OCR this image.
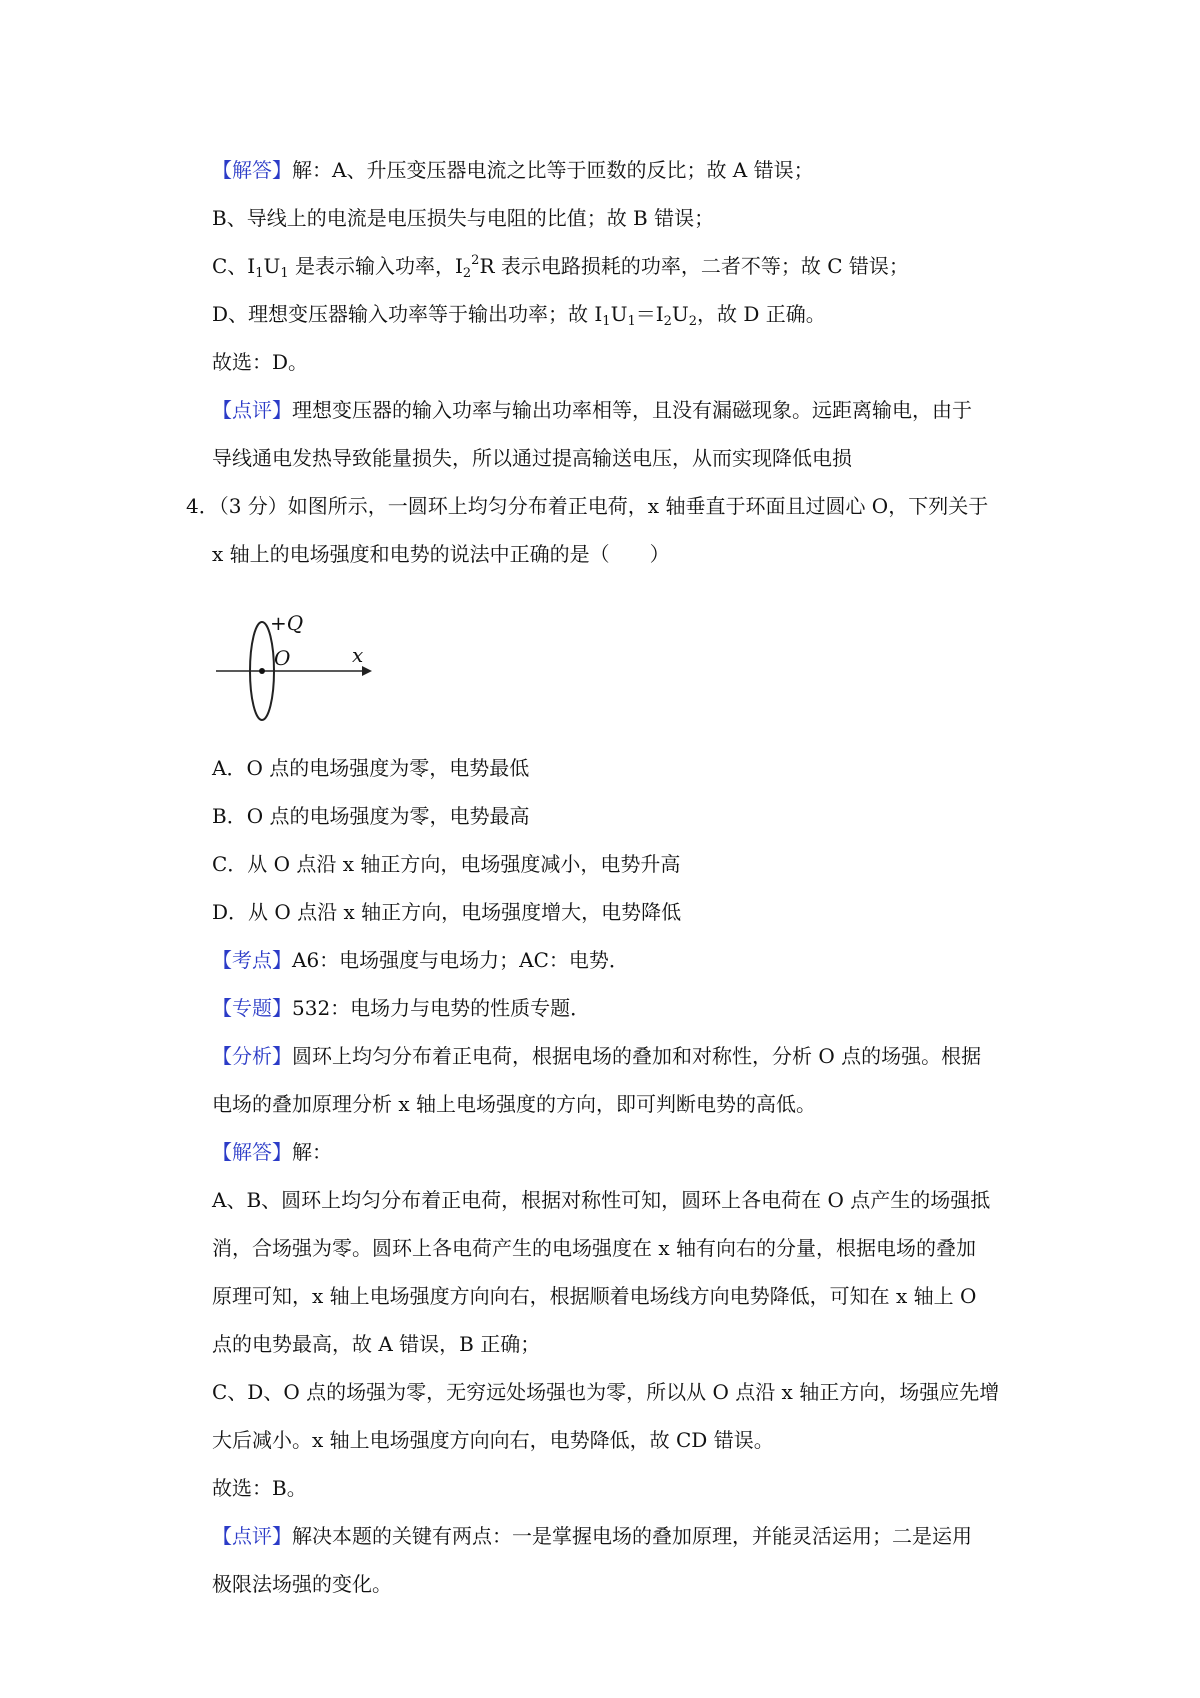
【解答】解：A、升压变压器电流之比等于匝数的反比；故 A 错误；
B、导线上的电流是电压损失与电阻的比值；故 B 错误；
C、$I_1U_1$ 是表示输入功率，$I_2^2R$ 表示电路损耗的功率，二者不等；故 C 错误；
D、理想变压器输入功率等于输出功率；故 $I_1U_1=I_2U_2$，故 D 正确。
故选：D。
【点评】理想变压器的输入功率与输出功率相等，且没有漏磁现象。远距离输电，由于
导线通电发热导致能量损失，所以通过提高输送电压，从而实现降低电损
4．（3 分）如图所示，一圆环上均匀分布着正电荷，x 轴垂直于环面且过圆心 O，下列关于
x 轴上的电场强度和电势的说法中正确的是（　　）
+Q
O	x
A．O 点的电场强度为零，电势最低
B．O 点的电场强度为零，电势最高
C．从 O 点沿 x 轴正方向，电场强度减小，电势升高
D．从 O 点沿 x 轴正方向，电场强度增大，电势降低
【考点】A6：电场强度与电场力；AC：电势．
【专题】532：电场力与电势的性质专题．
【分析】圆环上均匀分布着正电荷，根据电场的叠加和对称性，分析 O 点的场强。根据
电场的叠加原理分析 x 轴上电场强度的方向，即可判断电势的高低。
【解答】解：
A、B、圆环上均匀分布着正电荷，根据对称性可知，圆环上各电荷在 O 点产生的场强抵
消，合场强为零。圆环上各电荷产生的电场强度在 x 轴有向右的分量，根据电场的叠加
原理可知，x 轴上电场强度方向向右，根据顺着电场线方向电势降低，可知在 x 轴上 O
点的电势最高，故 A 错误，B 正确；
C、D、O 点的场强为零，无穷远处场强也为零，所以从 O 点沿 x 轴正方向，场强应先增
大后减小。x 轴上电场强度方向向右，电势降低，故 CD 错误。
故选：B。
【点评】解决本题的关键有两点：一是掌握电场的叠加原理，并能灵活运用；二是运用
极限法场强的变化。
